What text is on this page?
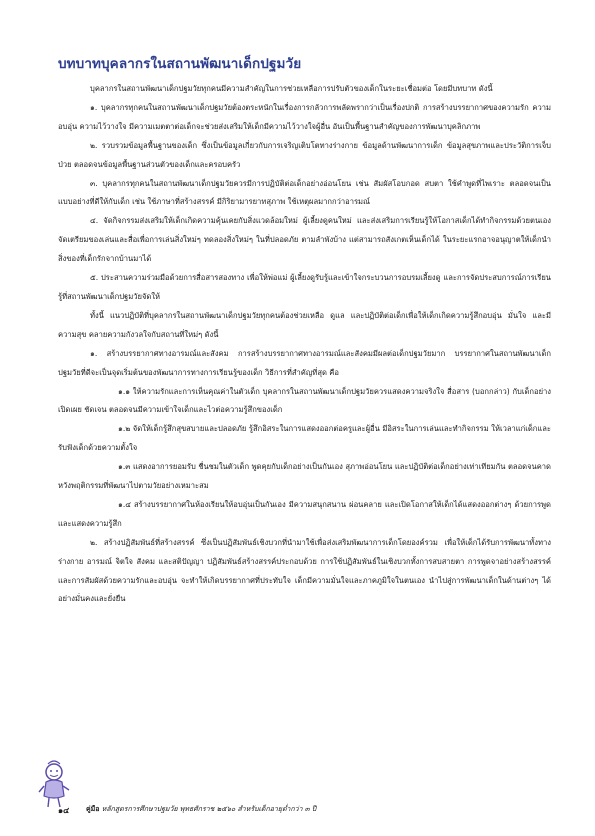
บทบาทบุคลากรในสถานพัฒนาเด็กปฐมวัย

บุคลากรในสถานพัฒนาเด็กปฐมวัยทุกคนมีความสำคัญในการช่วยเหลือการปรับตัวของเด็กในระยะเชื่อมต่อ โดยมีบทบาท ดังนี้

๑. บุคลากรทุกคนในสถานพัฒนาเด็กปฐมวัยต้องตระหนักในเรื่องการกลัวการพลัดพรากว่าเป็นเรื่องปกติ การสร้างบรรยากาศของความรัก ความอบอุ่น ความไว้วางใจ มีความเมตตาต่อเด็กจะช่วยส่งเสริมให้เด็กมีความไว้วางใจผู้อื่น อันเป็นพื้นฐานสำคัญของการพัฒนาบุคลิกภาพ

๒. รวบรวมข้อมูลพื้นฐานของเด็ก ซึ่งเป็นข้อมูลเกี่ยวกับการเจริญเติบโตทางร่างกาย ข้อมูลด้านพัฒนาการเด็ก ข้อมูลสุขภาพและประวัติการเจ็บป่วย ตลอดจนข้อมูลพื้นฐานส่วนตัวของเด็กและครอบครัว

๓. บุคลากรทุกคนในสถานพัฒนาเด็กปฐมวัยควรมีการปฏิบัติต่อเด็กอย่างอ่อนโยน เช่น สัมผัสโอบกอด สบตา ใช้คำพูดที่ไพเราะ ตลอดจนเป็นแบบอย่างที่ดีให้กับเด็ก เช่น ใช้ภาษาที่สร้างสรรค์ มีกิริยามารยาทสุภาพ ใช้เหตุผลมากกว่าอารมณ์

๔. จัดกิจกรรมส่งเสริมให้เด็กเกิดความคุ้นเคยกับสิ่งแวดล้อมใหม่ ผู้เลี้ยงดูคนใหม่ และส่งเสริมการเรียนรู้ให้โอกาสเด็กได้ทำกิจกรรมด้วยตนเอง จัดเตรียมของเล่นและสื่อเพื่อการเล่นสิ่งใหม่ๆ ทดลองสิ่งใหม่ๆ ในที่ปลอดภัย ตามลำพังบ้าง แต่สามารถสังเกตเห็นเด็กได้ ในระยะแรกอาจอนุญาตให้เด็กนำสิ่งของที่เด็กรักจากบ้านมาได้

๕. ประสานความร่วมมือด้วยการสื่อสารสองทาง เพื่อให้พ่อแม่ ผู้เลี้ยงดูรับรู้และเข้าใจกระบวนการอบรมเลี้ยงดู และการจัดประสบการณ์การเรียนรู้ที่สถานพัฒนาเด็กปฐมวัยจัดให้

ทั้งนี้ แนวปฏิบัติที่บุคลากรในสถานพัฒนาเด็กปฐมวัยทุกคนต้องช่วยเหลือ ดูแล และปฏิบัติต่อเด็กเพื่อให้เด็กเกิดความรู้สึกอบอุ่น มั่นใจ และมีความสุข คลายความกังวลใจกับสถานที่ใหม่ๆ ดังนี้

๑. สร้างบรรยากาศทางอารมณ์และสังคม การสร้างบรรยากาศทางอารมณ์และสังคมมีผลต่อเด็กปฐมวัยมาก บรรยากาศในสถานพัฒนาเด็กปฐมวัยที่ดีจะเป็นจุดเริ่มต้นของพัฒนาการทางการเรียนรู้ของเด็ก วิธีการที่สำคัญที่สุด คือ

๑.๑ ให้ความรักและการเห็นคุณค่าในตัวเด็ก บุคลากรในสถานพัฒนาเด็กปฐมวัยควรแสดงความจริงใจ สื่อสาร (บอกกล่าว) กับเด็กอย่างเปิดเผย ชัดเจน ตลอดจนมีความเข้าใจเด็กและไวต่อความรู้สึกของเด็ก

๑.๒ จัดให้เด็กรู้สึกสุขสบายและปลอดภัย รู้สึกอิสระในการแสดงออกต่อครูและผู้อื่น มีอิสระในการเล่นและทำกิจกรรม ให้เวลาแก่เด็กและรับฟังเด็กด้วยความตั้งใจ

๑.๓ แสดงอาการยอมรับ ชื่นชมในตัวเด็ก พูดคุยกับเด็กอย่างเป็นกันเอง สุภาพอ่อนโยน และปฏิบัติต่อเด็กอย่างเท่าเทียมกัน ตลอดจนคาดหวังพฤติกรรมที่พัฒนาไปตามวัยอย่างเหมาะสม

๑.๔ สร้างบรรยากาศในห้องเรียนให้อบอุ่นเป็นกันเอง มีความสนุกสนาน ผ่อนคลาย และเปิดโอกาสให้เด็กได้แสดงออกต่างๆ ด้วยการพูดและแสดงความรู้สึก

๒. สร้างปฏิสัมพันธ์ที่สร้างสรรค์ ซึ่งเป็นปฏิสัมพันธ์เชิงบวกที่นำมาใช้เพื่อส่งเสริมพัฒนาการเด็กโดยองค์รวม เพื่อให้เด็กได้รับการพัฒนาทั้งทางร่างกาย อารมณ์ จิตใจ สังคม และสติปัญญา ปฏิสัมพันธ์สร้างสรรค์ประกอบด้วย การใช้ปฏิสัมพันธ์ในเชิงบวกทั้งการสบสายตา การพูดจาอย่างสร้างสรรค์ และการสัมผัสด้วยความรักและอบอุ่น จะทำให้เกิดบรรยากาศที่ประทับใจ เด็กมีความมั่นใจและภาคภูมิใจในตนเอง นำไปสู่การพัฒนาเด็กในด้านต่างๆ ได้อย่างมั่นคงและยั่งยืน

๑๔ คู่มือ หลักสูตรการศึกษาปฐมวัย พุทธศักราช ๒๕๖๐ สำหรับเด็กอายุต่ำกว่า ๓ ปี
